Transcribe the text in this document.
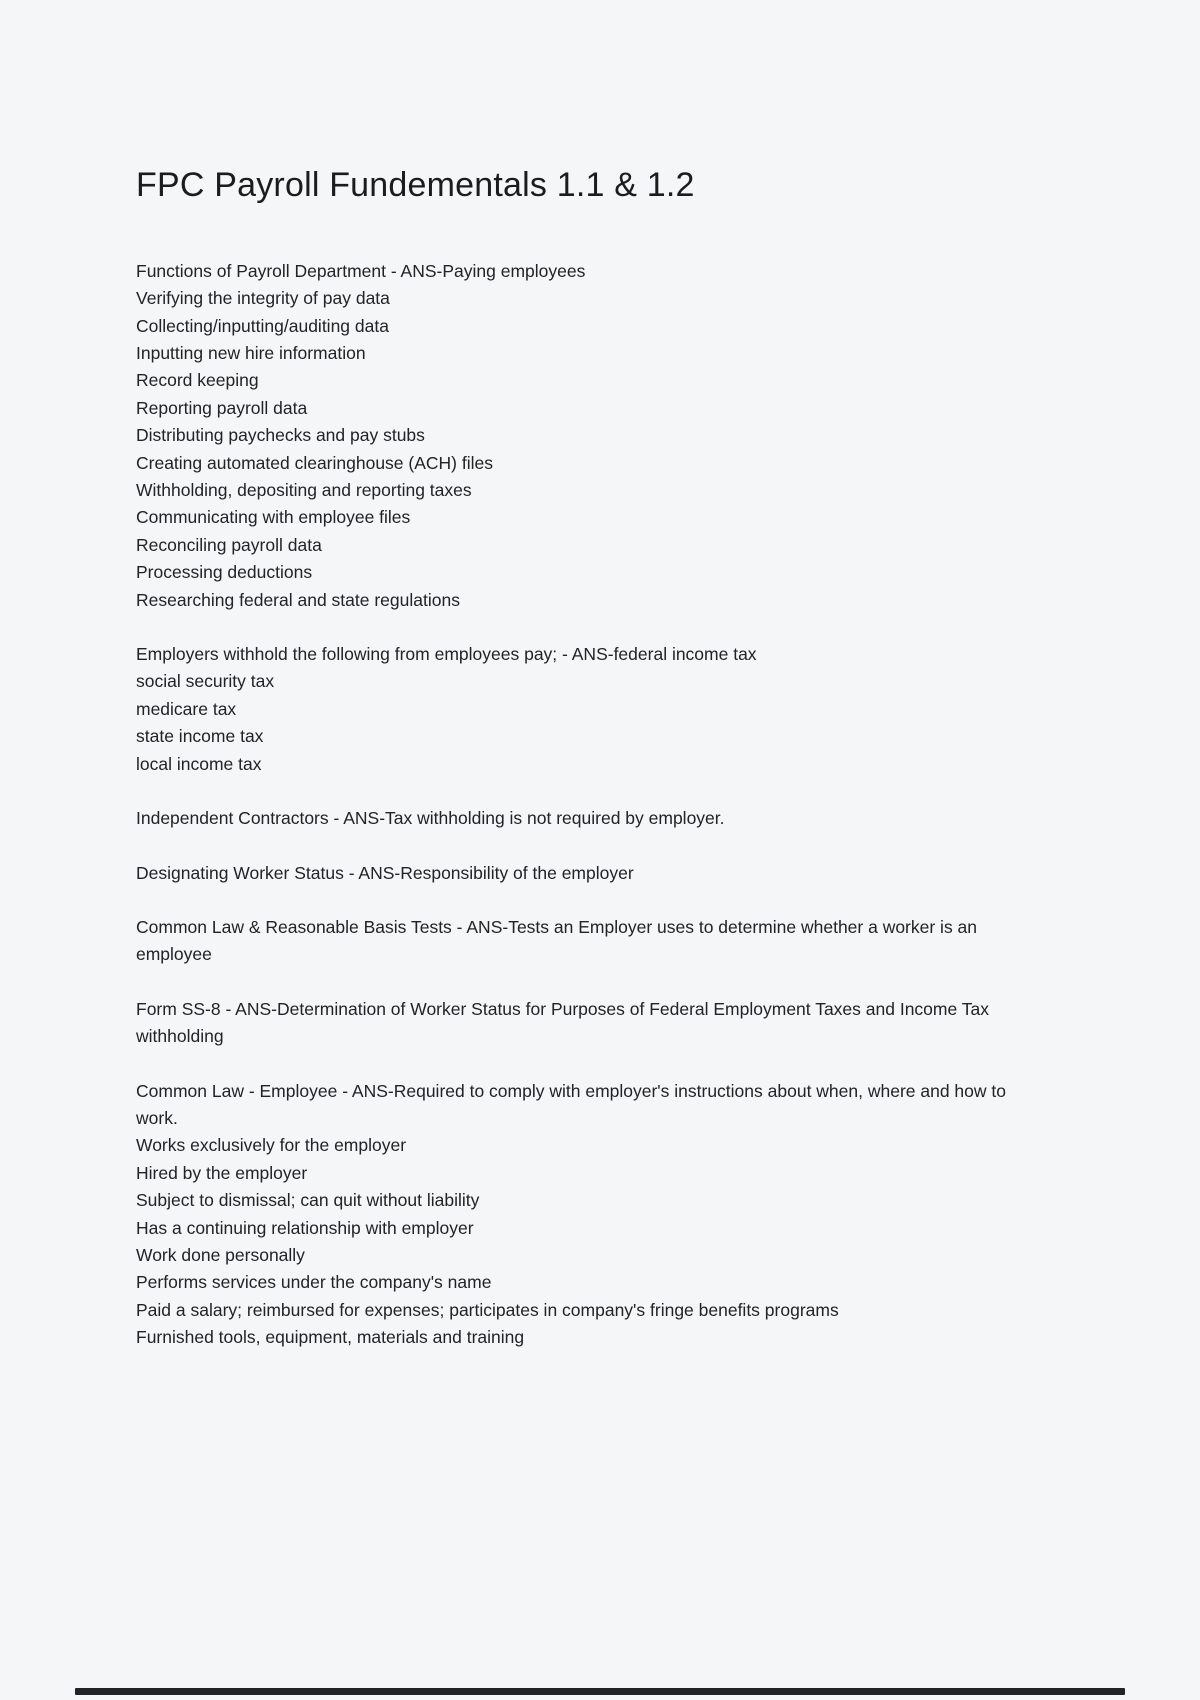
FPC Payroll Fundementals 1.1 & 1.2
Functions of Payroll Department - ANS-Paying employees
Verifying the integrity of pay data
Collecting/inputting/auditing data
Inputting new hire information
Record keeping
Reporting payroll data
Distributing paychecks and pay stubs
Creating automated clearinghouse (ACH) files
Withholding, depositing and reporting taxes
Communicating with employee files
Reconciling payroll data
Processing deductions
Researching federal and state regulations
Employers withhold the following from employees pay; - ANS-federal income tax
social security tax
medicare tax
state income tax
local income tax
Independent Contractors - ANS-Tax withholding is not required by employer.
Designating Worker Status - ANS-Responsibility of the employer
Common Law & Reasonable Basis Tests - ANS-Tests an Employer uses to determine whether a worker is an employee
Form SS-8 - ANS-Determination of Worker Status for Purposes of Federal Employment Taxes and Income Tax withholding
Common Law - Employee - ANS-Required to comply with employer's instructions about when, where and how to work.
Works exclusively for the employer
Hired by the employer
Subject to dismissal; can quit without liability
Has a continuing relationship with employer
Work done personally
Performs services under the company's name
Paid a salary; reimbursed for expenses; participates in company's fringe benefits programs
Furnished tools, equipment, materials and training
